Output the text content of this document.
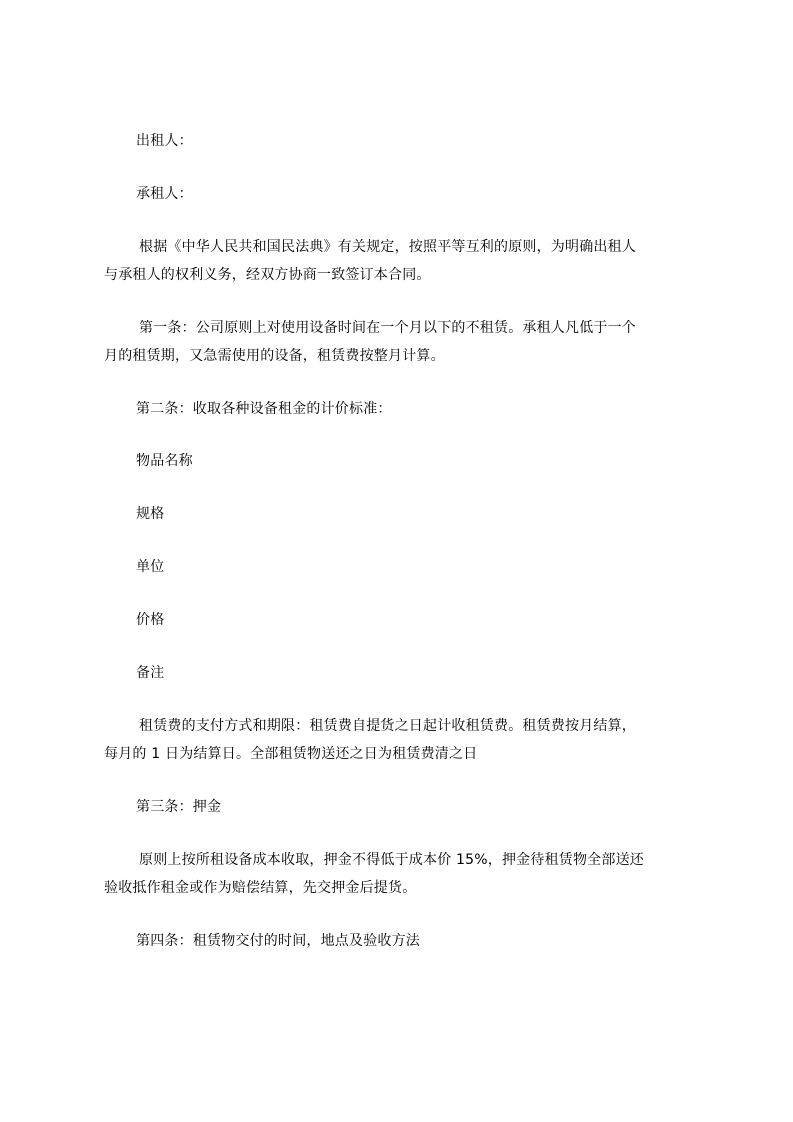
出租人：
承租人：
根据《中华人民共和国民法典》有关规定，按照平等互利的原则，为明确出租人
与承租人的权利义务，经双方协商一致签订本合同。
第一条：公司原则上对使用设备时间在一个月以下的不租赁。承租人凡低于一个
月的租赁期，又急需使用的设备，租赁费按整月计算。
第二条：收取各种设备租金的计价标准：
物品名称
规格
单位
价格
备注
租赁费的支付方式和期限：租赁费自提货之日起计收租赁费。租赁费按月结算，
每月的 1 日为结算日。全部租赁物送还之日为租赁费清之日
第三条：押金
原则上按所租设备成本收取，押金不得低于成本价 15%，押金待租赁物全部送还
验收抵作租金或作为赔偿结算，先交押金后提货。
第四条：租赁物交付的时间，地点及验收方法
